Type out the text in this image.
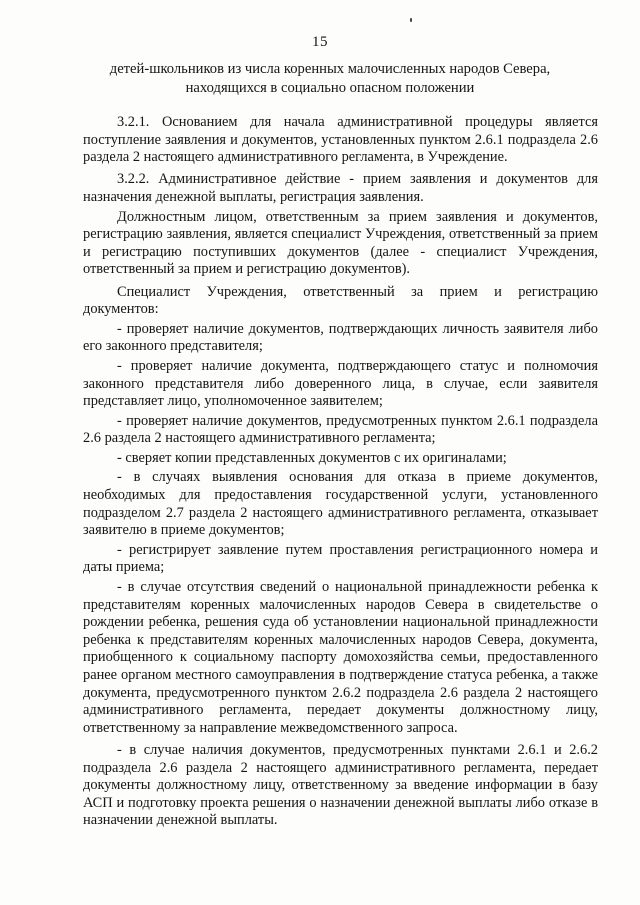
15
детей-школьников из числа коренных малочисленных народов Севера,
находящихся в социально опасном положении

3.2.1. Основанием для начала административной процедуры является поступление заявления и документов, установленных пунктом 2.6.1 подраздела 2.6 раздела 2 настоящего административного регламента, в Учреждение.

3.2.2. Административное действие - прием заявления и документов для назначения денежной выплаты, регистрация заявления.

Должностным лицом, ответственным за прием заявления и документов, регистрацию заявления, является специалист Учреждения, ответственный за прием и регистрацию поступивших документов (далее - специалист Учреждения, ответственный за прием и регистрацию документов).

Специалист Учреждения, ответственный за прием и регистрацию документов:

- проверяет наличие документов, подтверждающих личность заявителя либо его законного представителя;

- проверяет наличие документа, подтверждающего статус и полномочия законного представителя либо доверенного лица, в случае, если заявителя представляет лицо, уполномоченное заявителем;

- проверяет наличие документов, предусмотренных пунктом 2.6.1 подраздела 2.6 раздела 2 настоящего административного регламента;

- сверяет копии представленных документов с их оригиналами;

- в случаях выявления основания для отказа в приеме документов, необходимых для предоставления государственной услуги, установленного подразделом 2.7 раздела 2 настоящего административного регламента, отказывает заявителю в приеме документов;

- регистрирует заявление путем проставления регистрационного номера и даты приема;

- в случае отсутствия сведений о национальной принадлежности ребенка к представителям коренных малочисленных народов Севера в свидетельстве о рождении ребенка, решения суда об установлении национальной принадлежности ребенка к представителям коренных малочисленных народов Севера, документа, приобщенного к социальному паспорту домохозяйства семьи, предоставленного ранее органом местного самоуправления в подтверждение статуса ребенка, а также документа, предусмотренного пунктом 2.6.2 подраздела 2.6 раздела 2 настоящего административного регламента, передает документы должностному лицу, ответственному за направление межведомственного запроса.

- в случае наличия документов, предусмотренных пунктами 2.6.1 и 2.6.2 подраздела 2.6 раздела 2 настоящего административного регламента, передает документы должностному лицу, ответственному за введение информации в базу АСП и подготовку проекта решения о назначении денежной выплаты либо отказе в назначении денежной выплаты.
